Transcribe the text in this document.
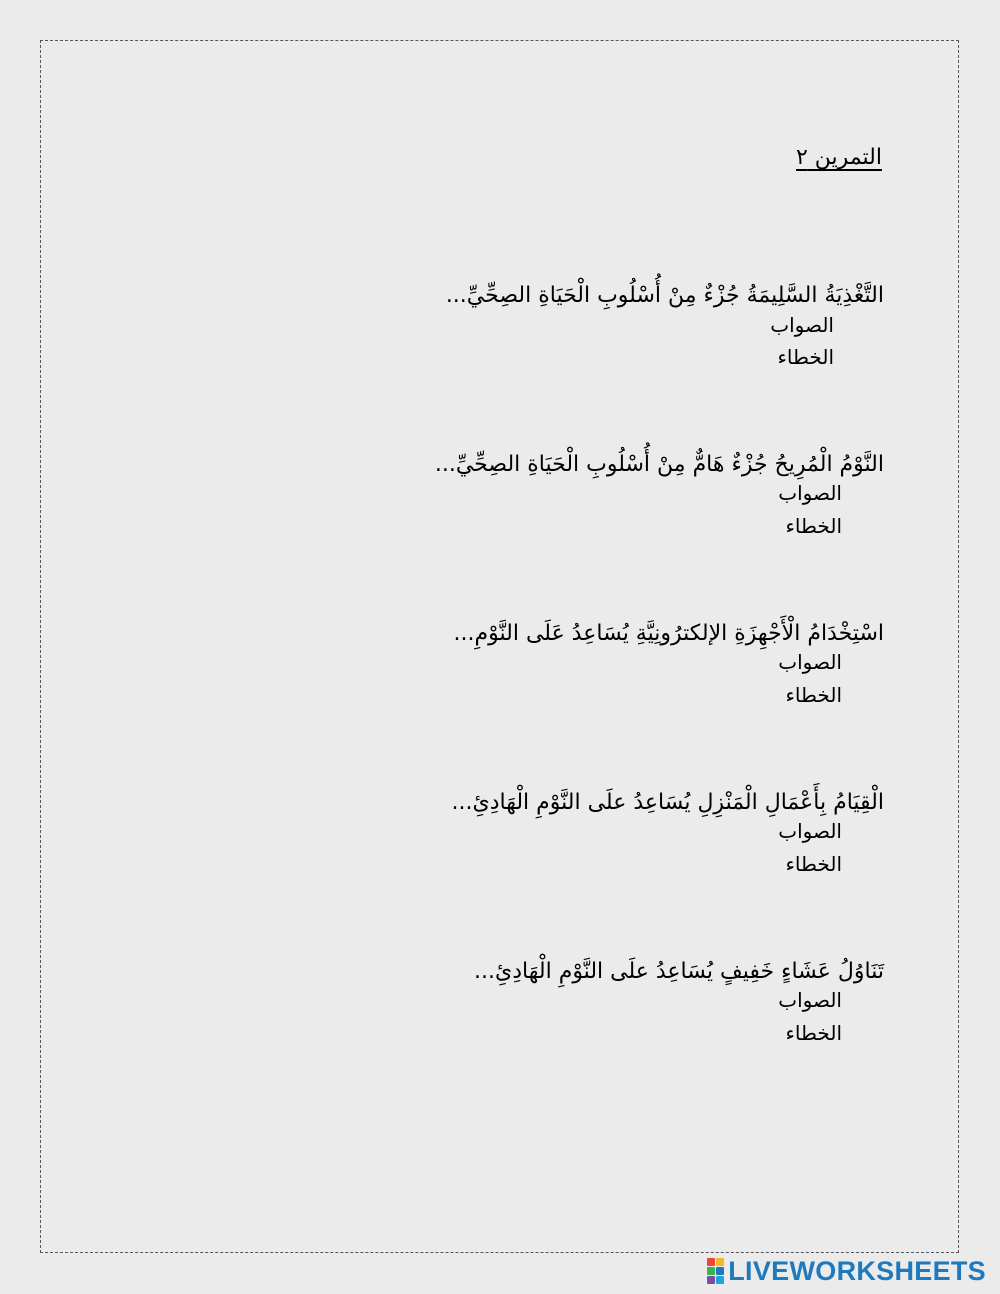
التمرين ٢
التَّغْذِيَةُ السَّلِيمَةُ جُزْءٌ مِنْ أُسْلُوبِ الْحَيَاةِ الصِحِّيِّ...
الصواب
الخطاء
النَّوْمُ الْمُرِيحُ جُزْءٌ هَامٌّ مِنْ أُسْلُوبِ الْحَيَاةِ الصِحِّيِّ...
الصواب
الخطاء
اسْتِخْدَامُ الْأَجْهِزَةِ الإلكترُونِيَّةِ يُسَاعِدُ عَلَى النَّوْمِ...
الصواب
الخطاء
الْقِيَامُ بِأَعْمَالِ الْمَنْزِلِ يُسَاعِدُ علَى النَّوْمِ الْهَادِئِ...
الصواب
الخطاء
تَنَاوُلُ عَشَاءٍ خَفِيفٍ يُسَاعِدُ علَى النَّوْمِ الْهَادِئِ...
الصواب
الخطاء
LIVEWORKSHEETS
